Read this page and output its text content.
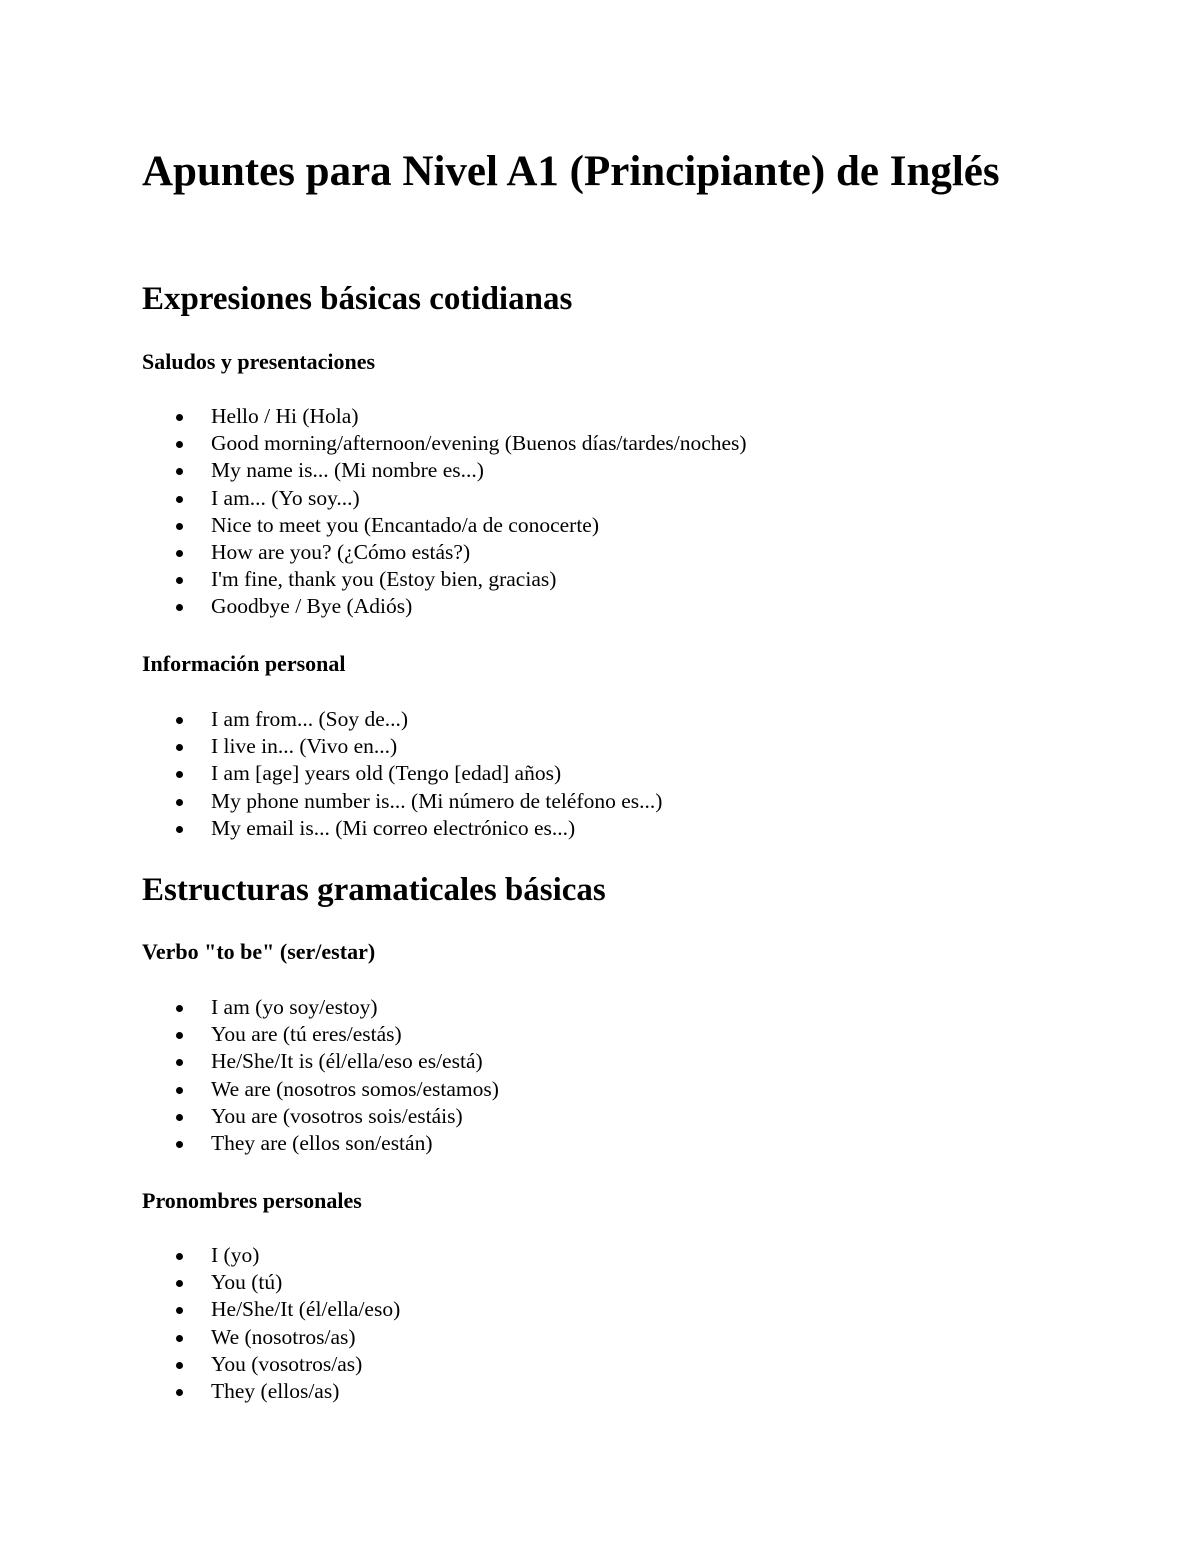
Apuntes para Nivel A1 (Principiante) de Inglés
Expresiones básicas cotidianas
Saludos y presentaciones
Hello / Hi (Hola)
Good morning/afternoon/evening (Buenos días/tardes/noches)
My name is... (Mi nombre es...)
I am... (Yo soy...)
Nice to meet you (Encantado/a de conocerte)
How are you? (¿Cómo estás?)
I'm fine, thank you (Estoy bien, gracias)
Goodbye / Bye (Adiós)
Información personal
I am from... (Soy de...)
I live in... (Vivo en...)
I am [age] years old (Tengo [edad] años)
My phone number is... (Mi número de teléfono es...)
My email is... (Mi correo electrónico es...)
Estructuras gramaticales básicas
Verbo "to be" (ser/estar)
I am (yo soy/estoy)
You are (tú eres/estás)
He/She/It is (él/ella/eso es/está)
We are (nosotros somos/estamos)
You are (vosotros sois/estáis)
They are (ellos son/están)
Pronombres personales
I (yo)
You (tú)
He/She/It (él/ella/eso)
We (nosotros/as)
You (vosotros/as)
They (ellos/as)
